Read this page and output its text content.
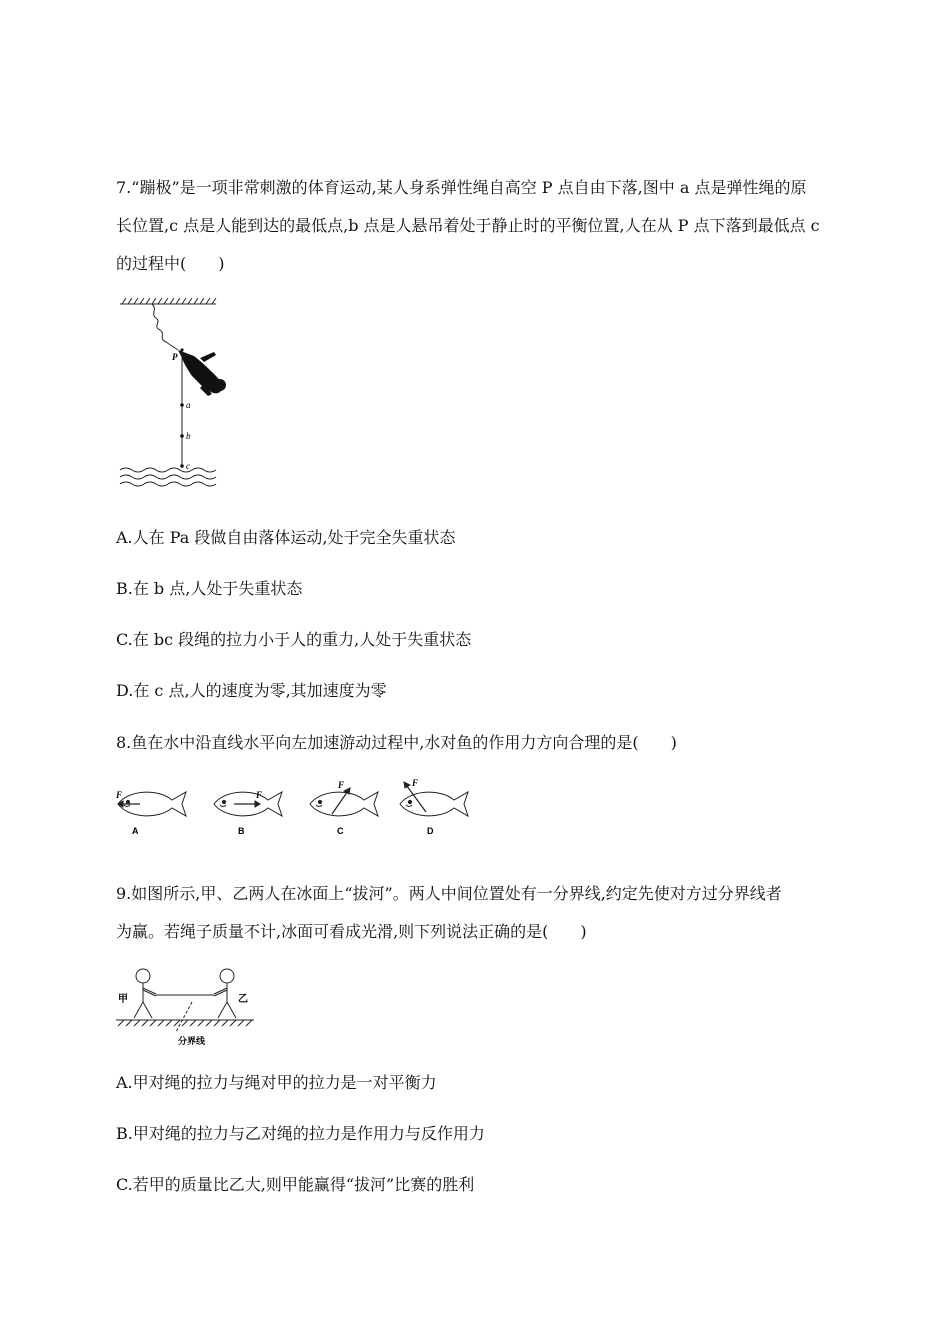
7.“蹦极”是一项非常刺激的体育运动,某人身系弹性绳自高空 P 点自由下落,图中 a 点是弹性绳的原
长位置,c 点是人能到达的最低点,b 点是人悬吊着处于静止时的平衡位置,人在从 P 点下落到最低点 c
的过程中(　　)
P
a
b
c
A.人在 Pa 段做自由落体运动,处于完全失重状态
B.在 b 点,人处于失重状态
C.在 bc 段绳的拉力小于人的重力,人处于失重状态
D.在 c 点,人的速度为零,其加速度为零
8.鱼在水中沿直线水平向左加速游动过程中,水对鱼的作用力方向合理的是(　　)
F
A
F
B
F
C
F
D
9.如图所示,甲、乙两人在冰面上“拔河”。两人中间位置处有一分界线,约定先使对方过分界线者
为赢。若绳子质量不计,冰面可看成光滑,则下列说法正确的是(　　)
甲	乙
分界线
A.甲对绳的拉力与绳对甲的拉力是一对平衡力
B.甲对绳的拉力与乙对绳的拉力是作用力与反作用力
C.若甲的质量比乙大,则甲能赢得“拔河”比赛的胜利
